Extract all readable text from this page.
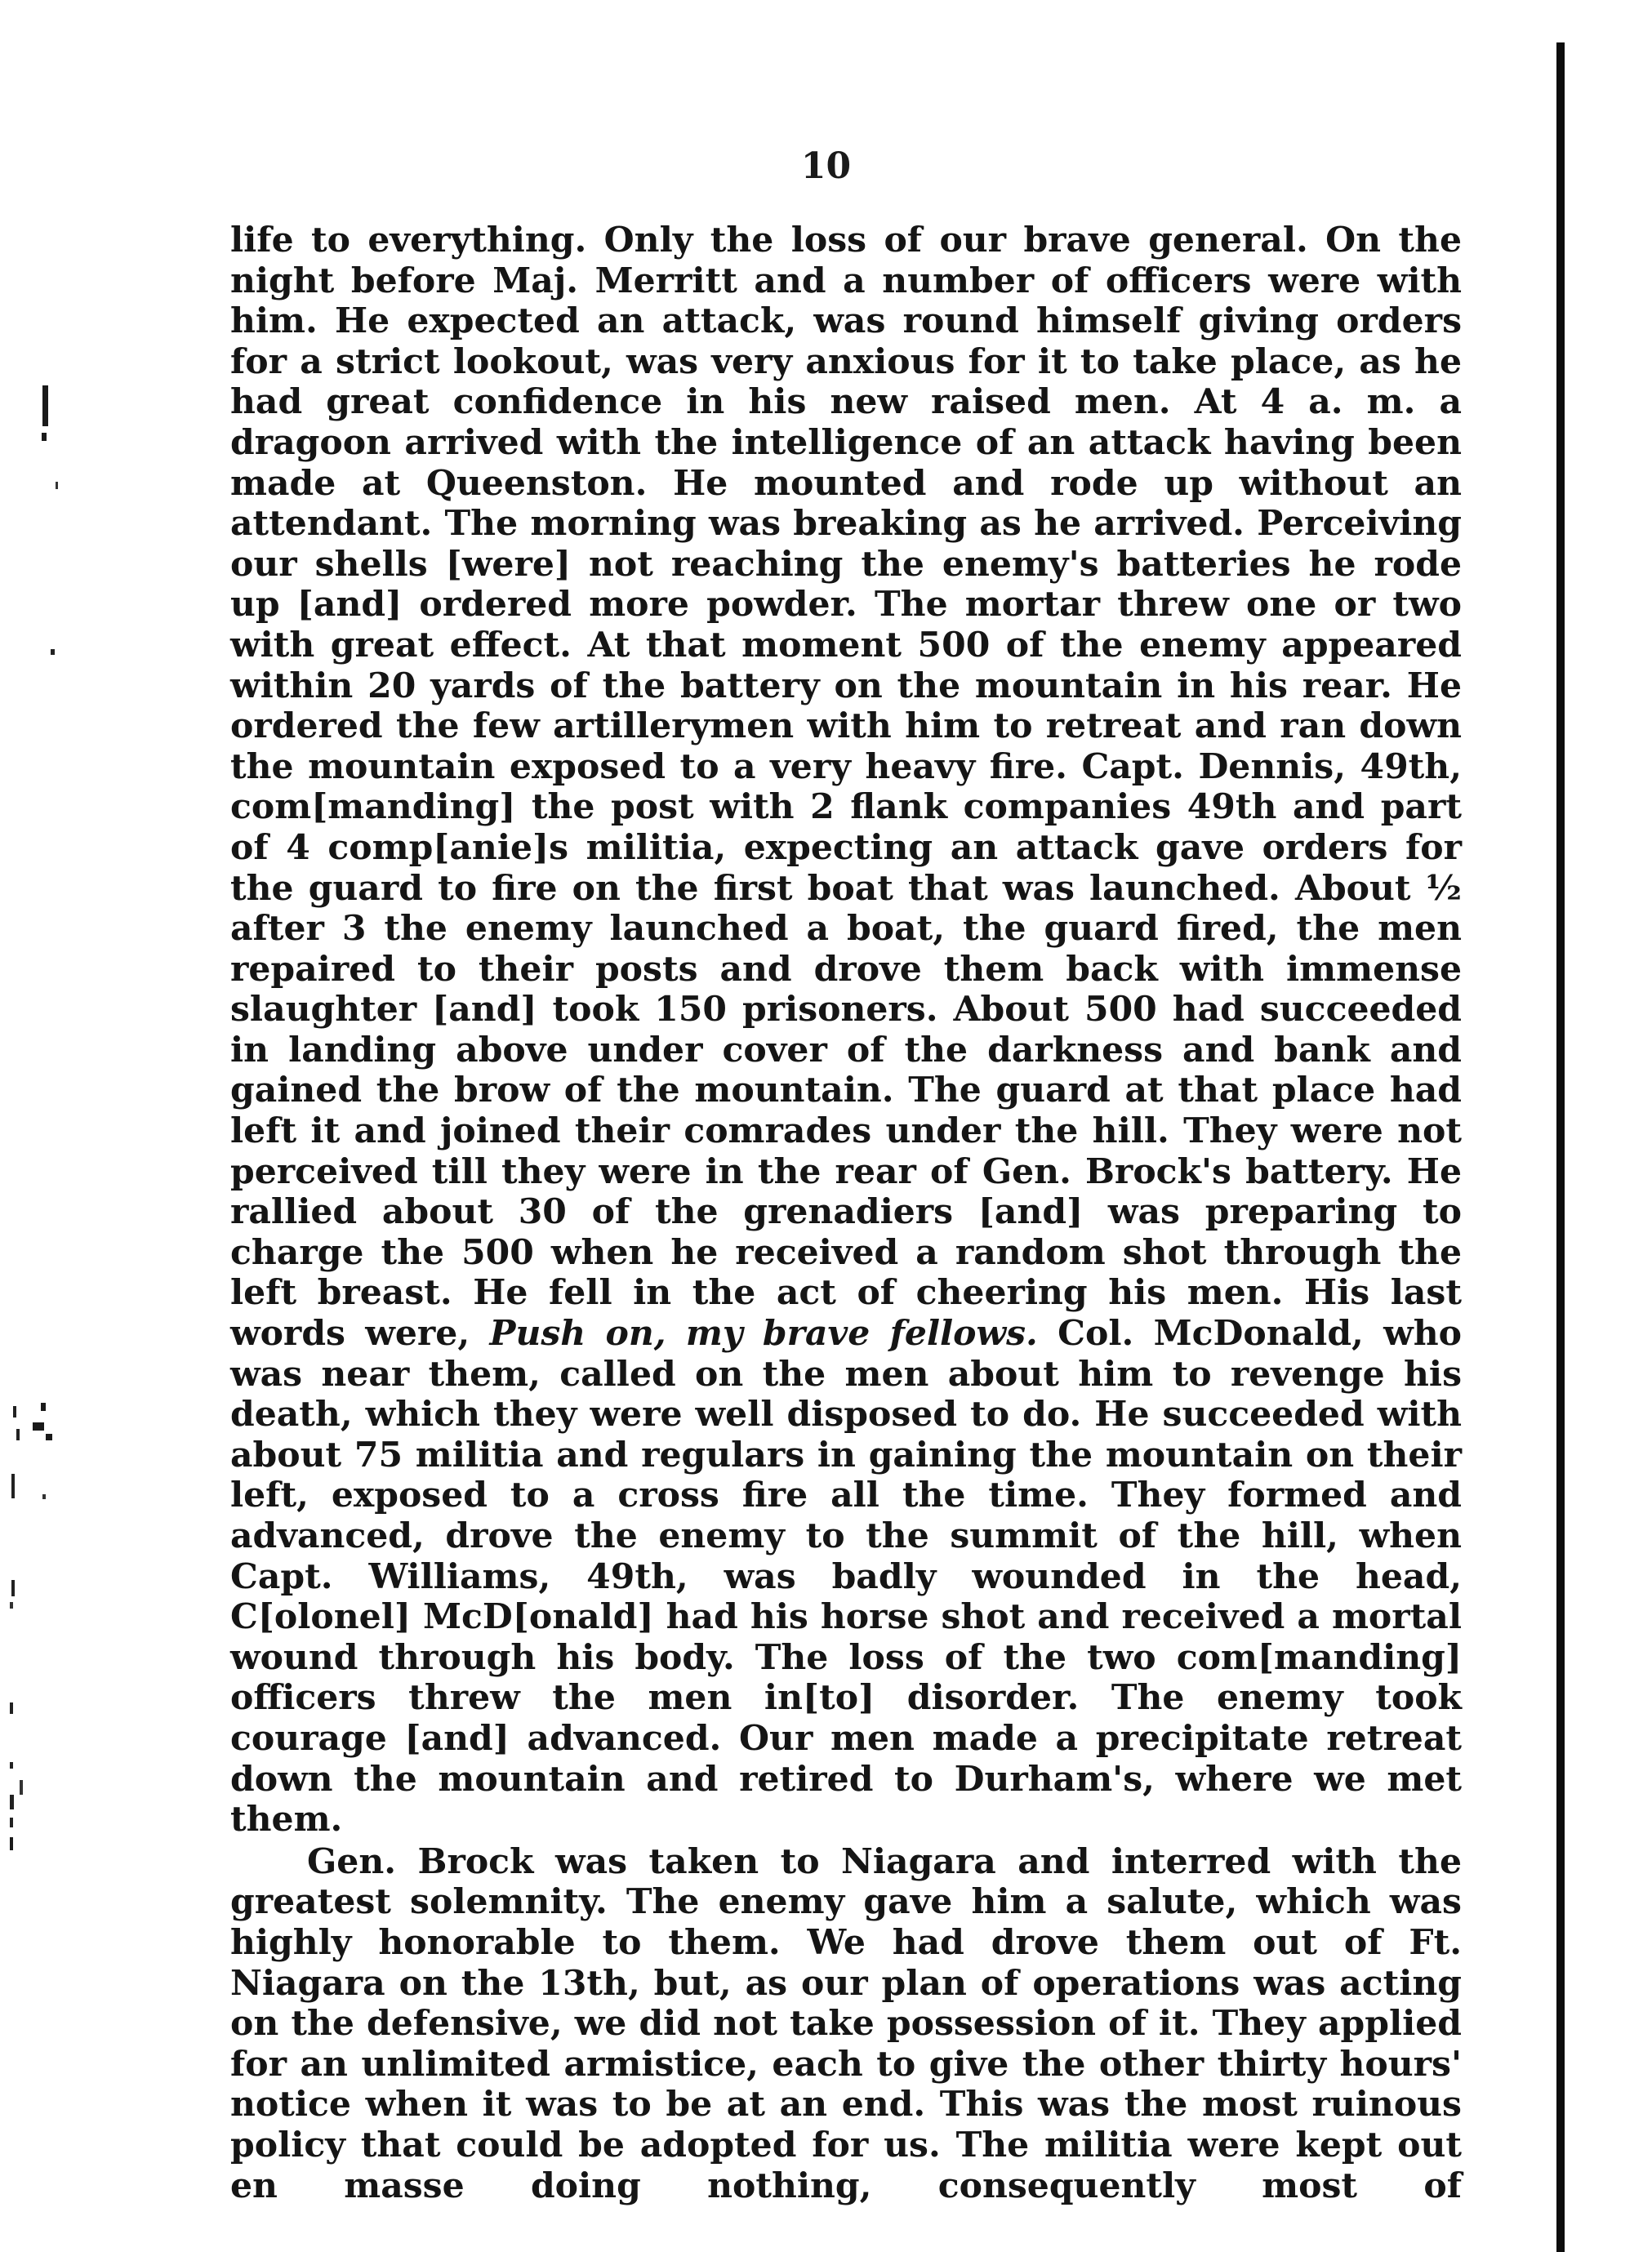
10

life to everything. Only the loss of our brave general. On the night before Maj. Merritt and a number of officers were with him. He expected an attack, was round himself giving orders for a strict lookout, was very anxious for it to take place, as he had great confidence in his new raised men. At 4 a. m. a dragoon arrived with the intelligence of an attack having been made at Queenston. He mounted and rode up without an attendant. The morning was breaking as he arrived. Perceiving our shells [were] not reaching the enemy's batteries he rode up [and] ordered more powder. The mortar threw one or two with great effect. At that moment 500 of the enemy appeared within 20 yards of the battery on the mountain in his rear. He ordered the few artillerymen with him to retreat and ran down the mountain exposed to a very heavy fire. Capt. Dennis, 49th, com[manding] the post with 2 flank companies 49th and part of 4 comp[anie]s militia, expecting an attack gave orders for the guard to fire on the first boat that was launched. About ½ after 3 the enemy launched a boat, the guard fired, the men repaired to their posts and drove them back with immense slaughter [and] took 150 prisoners. About 500 had succeeded in landing above under cover of the darkness and bank and gained the brow of the mountain. The guard at that place had left it and joined their comrades under the hill. They were not perceived till they were in the rear of Gen. Brock's battery. He rallied about 30 of the grenadiers [and] was preparing to charge the 500 when he received a random shot through the left breast. He fell in the act of cheering his men. His last words were, Push on, my brave fellows. Col. McDonald, who was near them, called on the men about him to revenge his death, which they were well disposed to do. He succeeded with about 75 militia and regulars in gaining the mountain on their left, exposed to a cross fire all the time. They formed and advanced, drove the enemy to the summit of the hill, when Capt. Williams, 49th, was badly wounded in the head, C[olonel] McD[onald] had his horse shot and received a mortal wound through his body. The loss of the two com[manding] officers threw the men in[to] disorder. The enemy took courage [and] advanced. Our men made a precipitate retreat down the mountain and retired to Durham's, where we met them.

Gen. Brock was taken to Niagara and interred with the greatest solemnity. The enemy gave him a salute, which was highly honorable to them. We had drove them out of Ft. Niagara on the 13th, but, as our plan of operations was acting on the defensive, we did not take possession of it. They applied for an unlimited armistice, each to give the other thirty hours' notice when it was to be at an end. This was the most ruinous policy that could be adopted for us. The militia were kept out en masse doing nothing, consequently most of
